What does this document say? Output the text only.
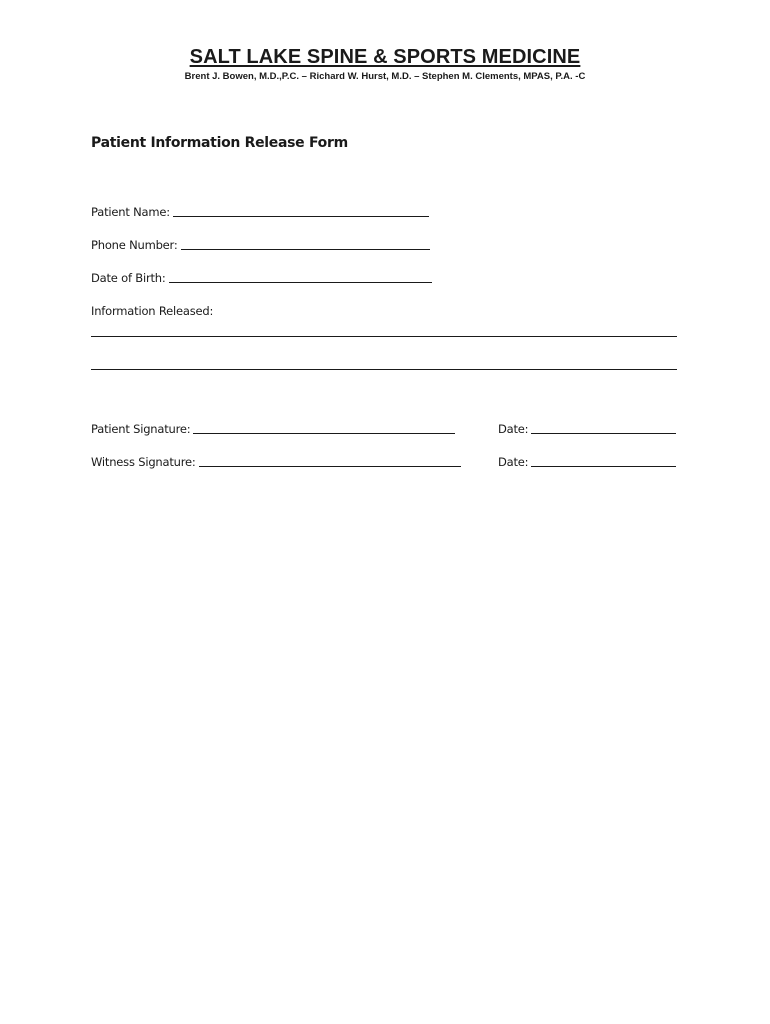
SALT LAKE SPINE & SPORTS MEDICINE
Brent J. Bowen, M.D.,P.C. – Richard W. Hurst, M.D. – Stephen M. Clements, MPAS, P.A. -C
Patient Information Release Form
Patient Name:
Phone Number:
Date of Birth:
Information Released:
Patient Signature:	Date:
Witness Signature:	Date:
